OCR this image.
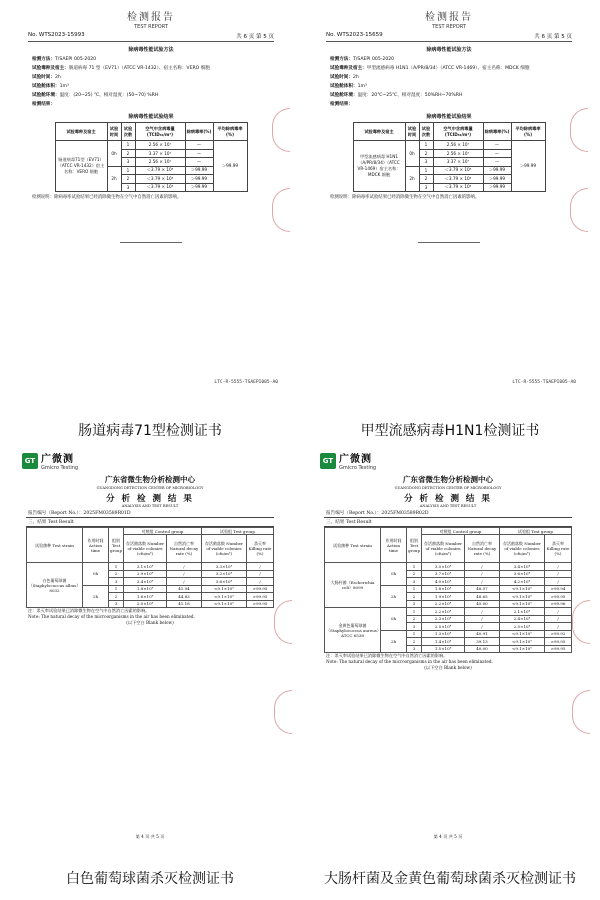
检测报告
TEST REPORT
No. WTS2023-15993	共 6 页 第 5 页
除病毒性能试验方法
检测方法：T/SAEPI 005-2020
试验毒种及宿主：肠道病毒 71 型（EV71）（ATCC VR-1432）、宿主名称：VERO 细胞
试验时间：2h
试验舱体积：1m³
试验舱环境：温度：(20~25) ℃、相对湿度：(50~70) %RH
检测结果：
除病毒性能试验结果
试验毒种及宿主	试验时间	试验次数	空气中含病毒量(TCID₅₀/m³)	除病毒率(%)	平均除病毒率(%)
肠道病毒71型（EV71）（ATCC VR-1432）宿主名称：VERO 细胞	0h	1	2.56 × 10⁷	—	＞99.99
		2	3.37 × 10⁷	—	
		3	2.56 × 10⁷	—	
	2h	1	＜3.79 × 10³	＞99.99	
		2	＜3.79 × 10³	＞99.99	
		3	＜3.79 × 10³	＞99.99	
检测说明：除病毒率试验结果已经消除微生物在空气中自然消亡因素的影响。
LTC-R-5555-TSAEPI005-A0
检测报告
TEST REPORT
No. WTS2023-15659	共 6 页 第 5 页
除病毒性能试验方法
检测方法：T/SAEPI 005-2020
试验毒种及宿主：甲型流感病毒 H1N1（A/PR/8/34）（ATCC VR-1469）、宿主名称：MDCK 细胞
试验时间：2h
试验舱体积：1m³
试验舱环境：温度：20℃~25℃、相对湿度：50%RH~70%RH
检测结果：
除病毒性能试验结果
试验毒种及宿主	试验时间	试验次数	空气中含病毒量(TCID₅₀/m³)	除病毒率(%)	平均除病毒率(%)
甲型流感病毒 H1N1（A/PR/8/34）（ATCC VR-1469）宿主名称：MDCK 细胞	0h	1	2.56 × 10⁷	—	＞99.99
		2	2.56 × 10⁷	—	
		3	3.37 × 10⁷	—	
	2h	1	＜3.79 × 10³	＞99.99	
		2	＜3.79 × 10³	＞99.99	
		3	＜3.79 × 10³	＞99.99	
检测说明：除病毒率试验结果已经消除微生物在空气中自然消亡因素的影响。
LTC-R-5555-TSAEPI005-A0
肠道病毒71型检测证书	甲型流感病毒H1N1检测证书
GT 广微测
Gmicro Testing
广东省微生物分析检测中心
GUANGDONG DETECTION CENTER OF MICROBIOLOGY
分 析 检 测 结 果
ANALYSIS AND TEST RESULT
报告编号（Report No.）：2025FM03589R01D
三、结果 Test Result
试验菌种 Test strain	作用时间 Action time	组别 Test group	对照组 Control group		试验组 Test group	
			存活菌落数 Number of viable colonies (cfu/m³)	自然消亡率 Natural decay rate (%)	存活菌落数 Number of viable colonies (cfu/m³)	杀灭率 Killing rate (%)
白色葡萄球菌（Staphylococcus albus）8032	0h	1	3.1×10⁴	/	3.3×10⁴	/
		2	2.9×10⁴	/	3.2×10⁴	/
		3	3.4×10⁴	/	3.6×10⁴	/
	2h	1	1.8×10⁴	41.94	<9.1×10⁰	>99.95
		2	1.6×10⁴	44.83	<9.1×10⁰	>99.95
		3	2.0×10⁴	41.18	<9.1×10⁰	>99.95
注：杀灭率试验结果已消除微生物在空气中自然消亡因素的影响。
Note: The natural decay of the microorganisms in the air has been eliminated.
(以下空白 Blank below)
第 4 页 共 5 页
GT 广微测
Gmicro Testing
广东省微生物分析检测中心
GUANGDONG DETECTION CENTER OF MICROBIOLOGY
分 析 检 测 结 果
ANALYSIS AND TEST RESULT
报告编号（Report No.）：2025FM03589R02D
三、结果 Test Result
试验菌种 Test strain	作用时间 Action time	组别 Test group	对照组 Control group		试验组 Test group	
			存活菌落数 Number of viable colonies (cfu/m³)	自然消亡率 Natural decay rate (%)	存活菌落数 Number of viable colonies (cfu/m³)	杀灭率 Killing rate (%)
大肠杆菌（Escherichia coli）8099	0h	1	3.5×10⁴	/	3.4×10⁴	/
		2	3.7×10⁴	/	3.6×10⁴	/
		3	4.0×10⁴	/	4.2×10⁴	/
	2h	1	1.8×10⁴	48.57	<9.1×10⁰	>99.94
		2	1.9×10⁴	48.65	<9.1×10⁰	>99.95
		3	2.2×10⁴	45.00	<9.1×10⁰	>99.96
金黄色葡萄球菌（Staphylococcus aureus）ATCC 6538	0h	1	2.2×10⁴	/	2.1×10⁴	/
		2	2.3×10⁴	/	2.4×10⁴	/
		3	2.5×10⁴	/	2.5×10⁴	/
	2h	1	1.3×10⁴	40.91	<9.1×10⁰	>99.92
		2	1.4×10⁴	39.13	<9.1×10⁰	>99.95
		3	1.5×10⁴	40.00	<9.1×10⁰	>99.95
注：杀灭率试验结果已消除微生物在空气中自然消亡因素的影响。
Note: The natural decay of the microorganisms in the air has been eliminated.
(以下空白 Blank below)
第 4 页 共 5 页
白色葡萄球菌杀灭检测证书	大肠杆菌及金黄色葡萄球菌杀灭检测证书
